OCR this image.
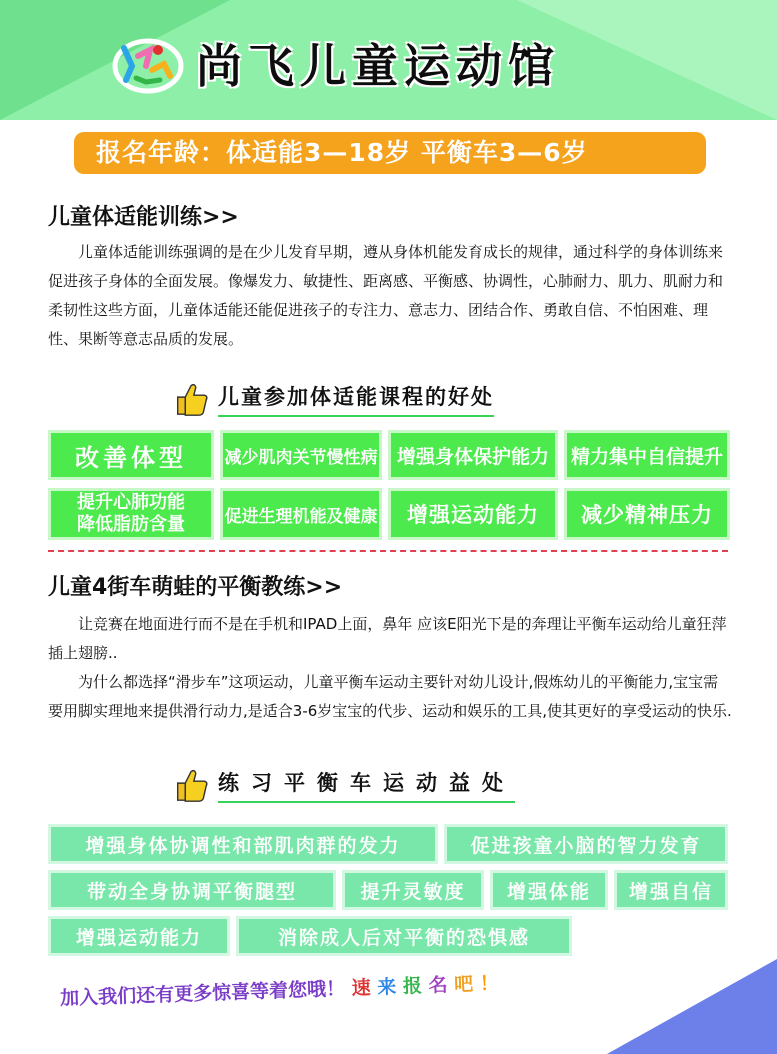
尚飞儿童运动馆
报名年龄：体适能3—18岁 平衡车3—6岁
儿童体适能训练>>

儿童体适能训练强调的是在少儿发育早期，遵从身体机能发育成长的规律，通过科学的身体训练来促进孩子身体的全面发展。像爆发力、敏捷性、距离感、平衡感、协调性，心肺耐力、肌力、肌耐力和柔韧性这些方面，儿童体适能还能促进孩子的专注力、意志力、团结合作、勇敢自信、不怕困难、理性、果断等意志品质的发展。

儿童参加体适能课程的好处
改善体型	减少肌肉关节慢性病	增强身体保护能力	精力集中自信提升
提升心肺功能
降低脂肪含量	促进生理机能及健康	增强运动能力	减少精神压力
儿童4街车萌蛙的平衡教练>>

让竞赛在地面进行而不是在手机和IPAD上面，鼻年 应该E阳光下是的奔理让平衡车运动给儿童狂萍插上翅膀..

为什么都选择“滑步车”这项运动，儿童平衡车运动主要针对幼儿设计,假炼幼儿的平衡能力,宝宝需要用脚实理地来提供滑行动力,是适合3-6岁宝宝的代步、运动和娱乐的工具,使其更好的享受运动的快乐.

练习平衡车运动益处
增强身体协调性和部肌肉群的发力	促进孩童小脑的智力发育
带动全身协调平衡腿型	提升灵敏度	增强体能	增强自信
增强运动能力	消除成人后对平衡的恐惧感
加入我们还有更多惊喜等着您哦！ 速 来 报 名 吧 ！
